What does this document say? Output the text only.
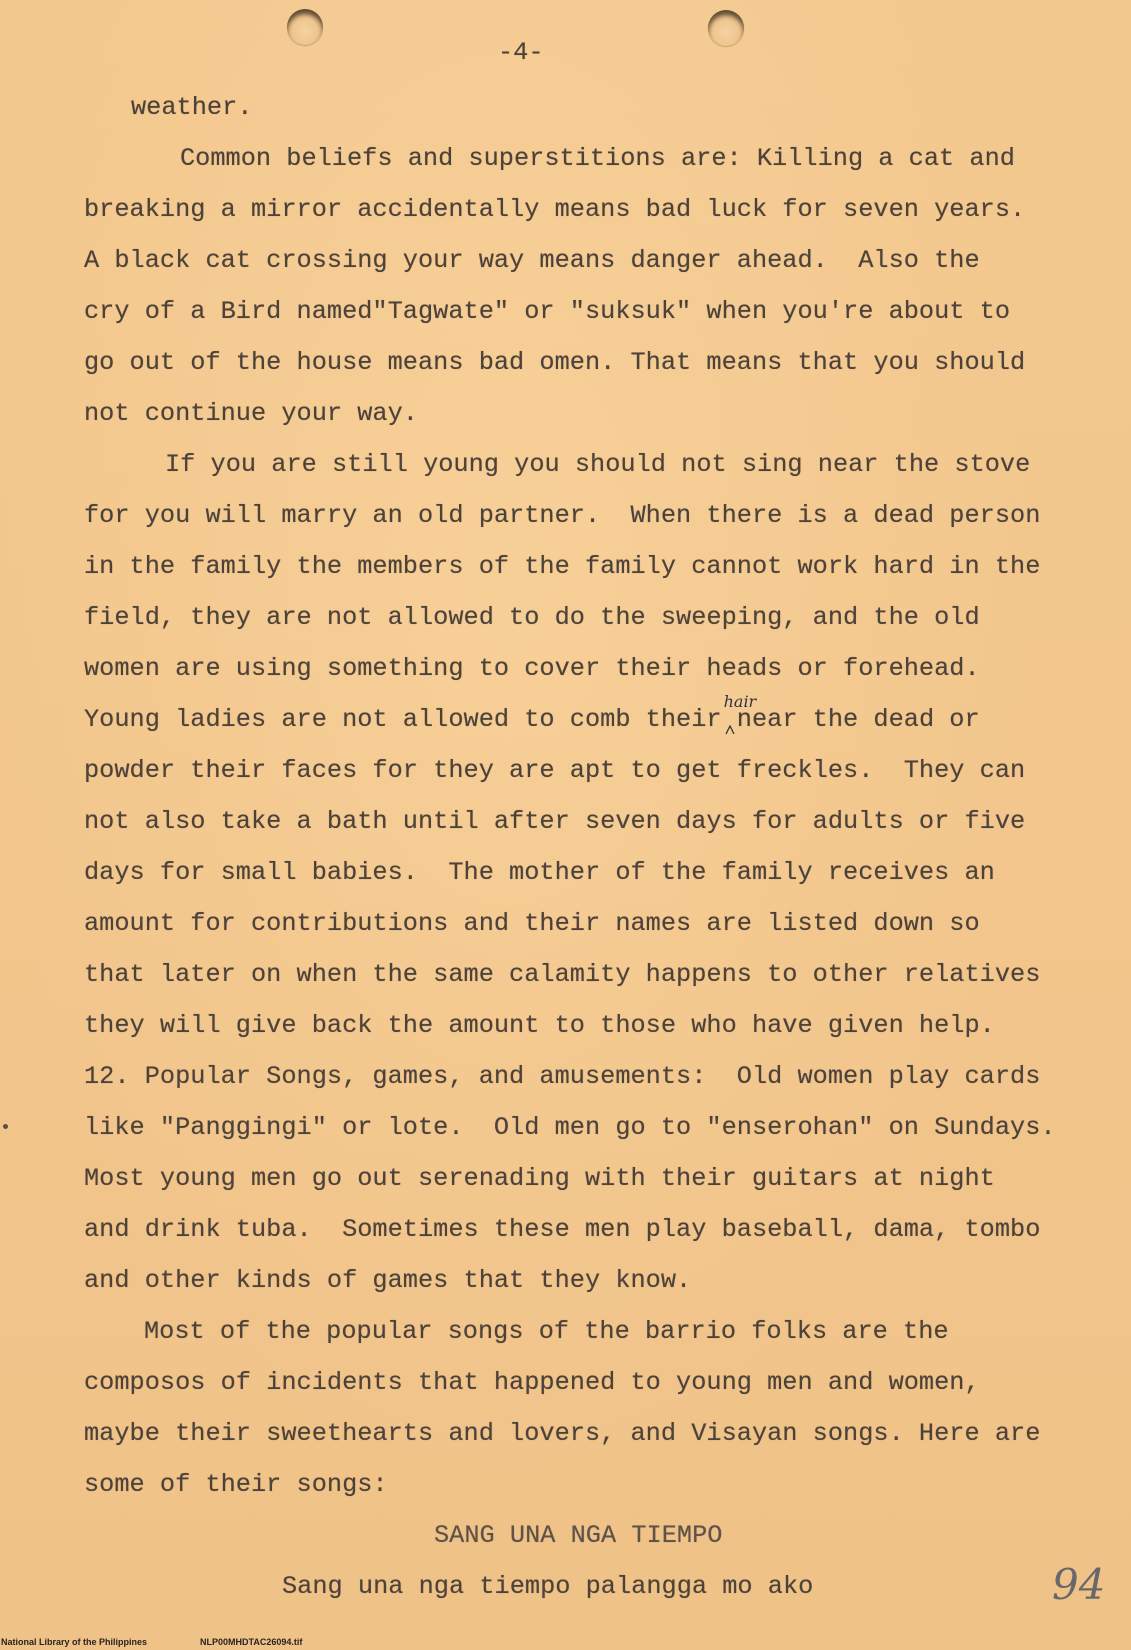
-4-
weather.
Common beliefs and superstitions are: Killing a cat and
breaking a mirror accidentally means bad luck for seven years.
A black cat crossing your way means danger ahead.  Also the
cry of a Bird named"Tagwate" or "suksuk" when you're about to
go out of the house means bad omen. That means that you should
not continue your way.
If you are still young you should not sing near the stove
for you will marry an old partner.  When there is a dead person
in the family the members of the family cannot work hard in the
field, they are not allowed to do the sweeping, and the old
women are using something to cover their heads or forehead.
Young ladies are not allowed to comb their
hair
near the dead or
powder their faces for they are apt to get freckles.  They can
not also take a bath until after seven days for adults or five
days for small babies.  The mother of the family receives an
amount for contributions and their names are listed down so
that later on when the same calamity happens to other relatives
they will give back the amount to those who have given help.
12. Popular Songs, games, and amusements:  Old women play cards
like "Panggingi" or lote.  Old men go to "enserohan" on Sundays.
Most young men go out serenading with their guitars at night
and drink tuba.  Sometimes these men play baseball, dama, tombo
and other kinds of games that they know.
Most of the popular songs of the barrio folks are the
composos of incidents that happened to young men and women,
maybe their sweethearts and lovers, and Visayan songs. Here are
some of their songs:
SANG UNA NGA TIEMPO
Sang una nga tiempo palangga mo ako	94
National Library of the Philippines	NLP00MHDTAC26094.tif
